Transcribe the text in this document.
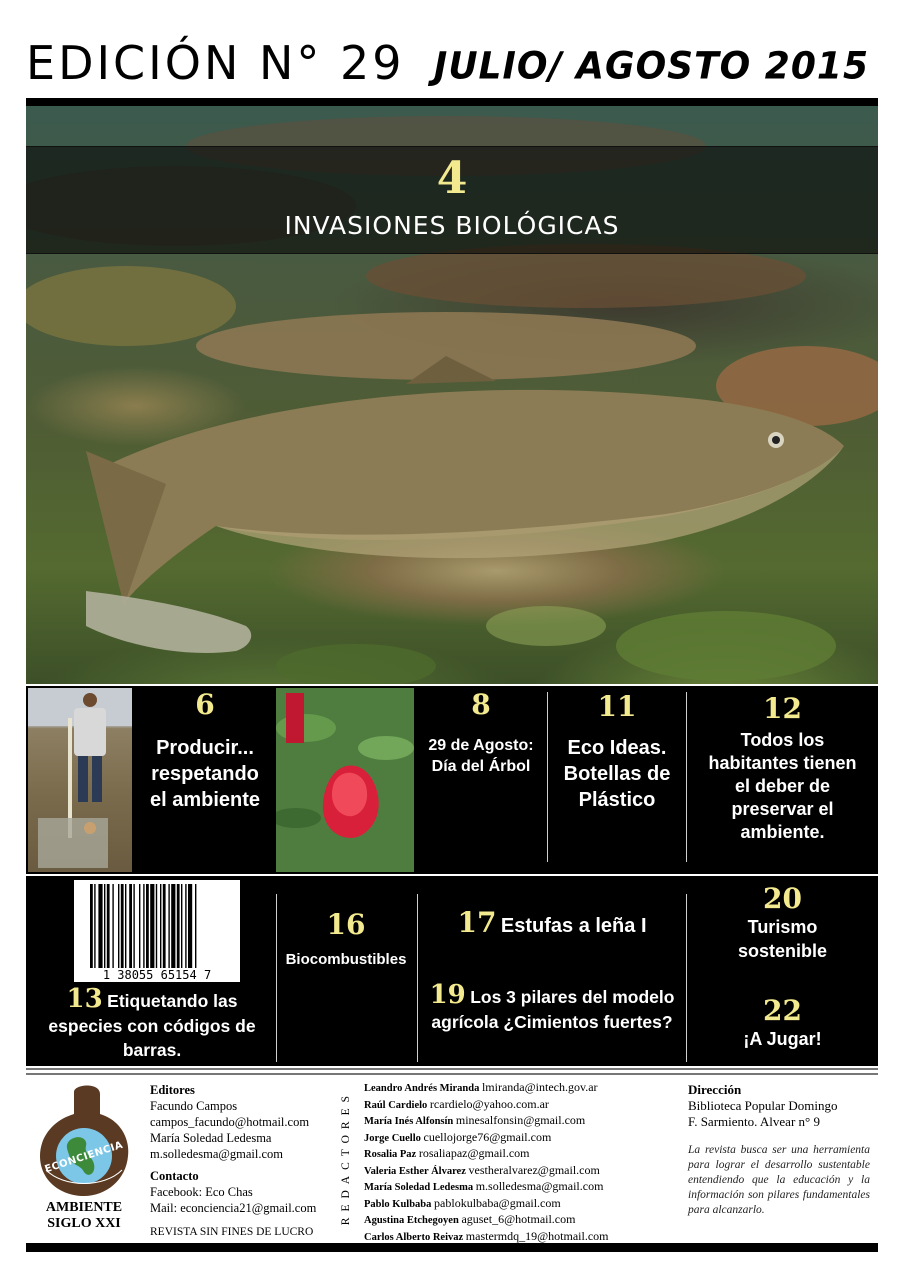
EDICIÓN N° 29 JULIO/ AGOSTO 2015
4
INVASIONES BIOLÓGICAS
6
Producir... respetando el ambiente
8
29 de Agosto: Día del Árbol
11
Eco Ideas. Botellas de Plástico
12
Todos los habitantes tienen el deber de preservar el ambiente.
1 38055 65154 7
13 Etiquetando las especies con códigos de barras.
16
Biocombustibles
17 Estufas a leña I
19 Los 3 pilares del modelo agrícola ¿Cimientos fuertes?
20
Turismo sostenible
22
¡A Jugar!
ECONCIENCIA
AMBIENTE
SIGLO XXI
Editores
Facundo Campos
campos_facundo@hotmail.com
María Soledad Ledesma
m.solledesma@gmail.com
Contacto
Facebook: Eco Chas
Mail: econciencia21@gmail.com
REVISTA SIN FINES DE LUCRO
REDACTORES
Leandro Andrés Miranda lmiranda@intech.gov.ar
Raúl Cardielo rcardielo@yahoo.com.ar
María Inés Alfonsín minesalfonsin@gmail.com
Jorge Cuello cuellojorge76@gmail.com
Rosalia Paz rosaliapaz@gmail.com
Valeria Esther Álvarez vestheralvarez@gmail.com
María Soledad Ledesma m.solledesma@gmail.com
Pablo Kulbaba pablokulbaba@gmail.com
Agustina Etchegoyen aguset_6@hotmail.com
Carlos Alberto Reivaz mastermdq_19@hotmail.com
Dirección
Biblioteca Popular Domingo
F. Sarmiento. Alvear n° 9
La revista busca ser una herramienta para lograr el desarrollo sustentable entendiendo que la educación y la información son pilares fundamentales para alcanzarlo.
